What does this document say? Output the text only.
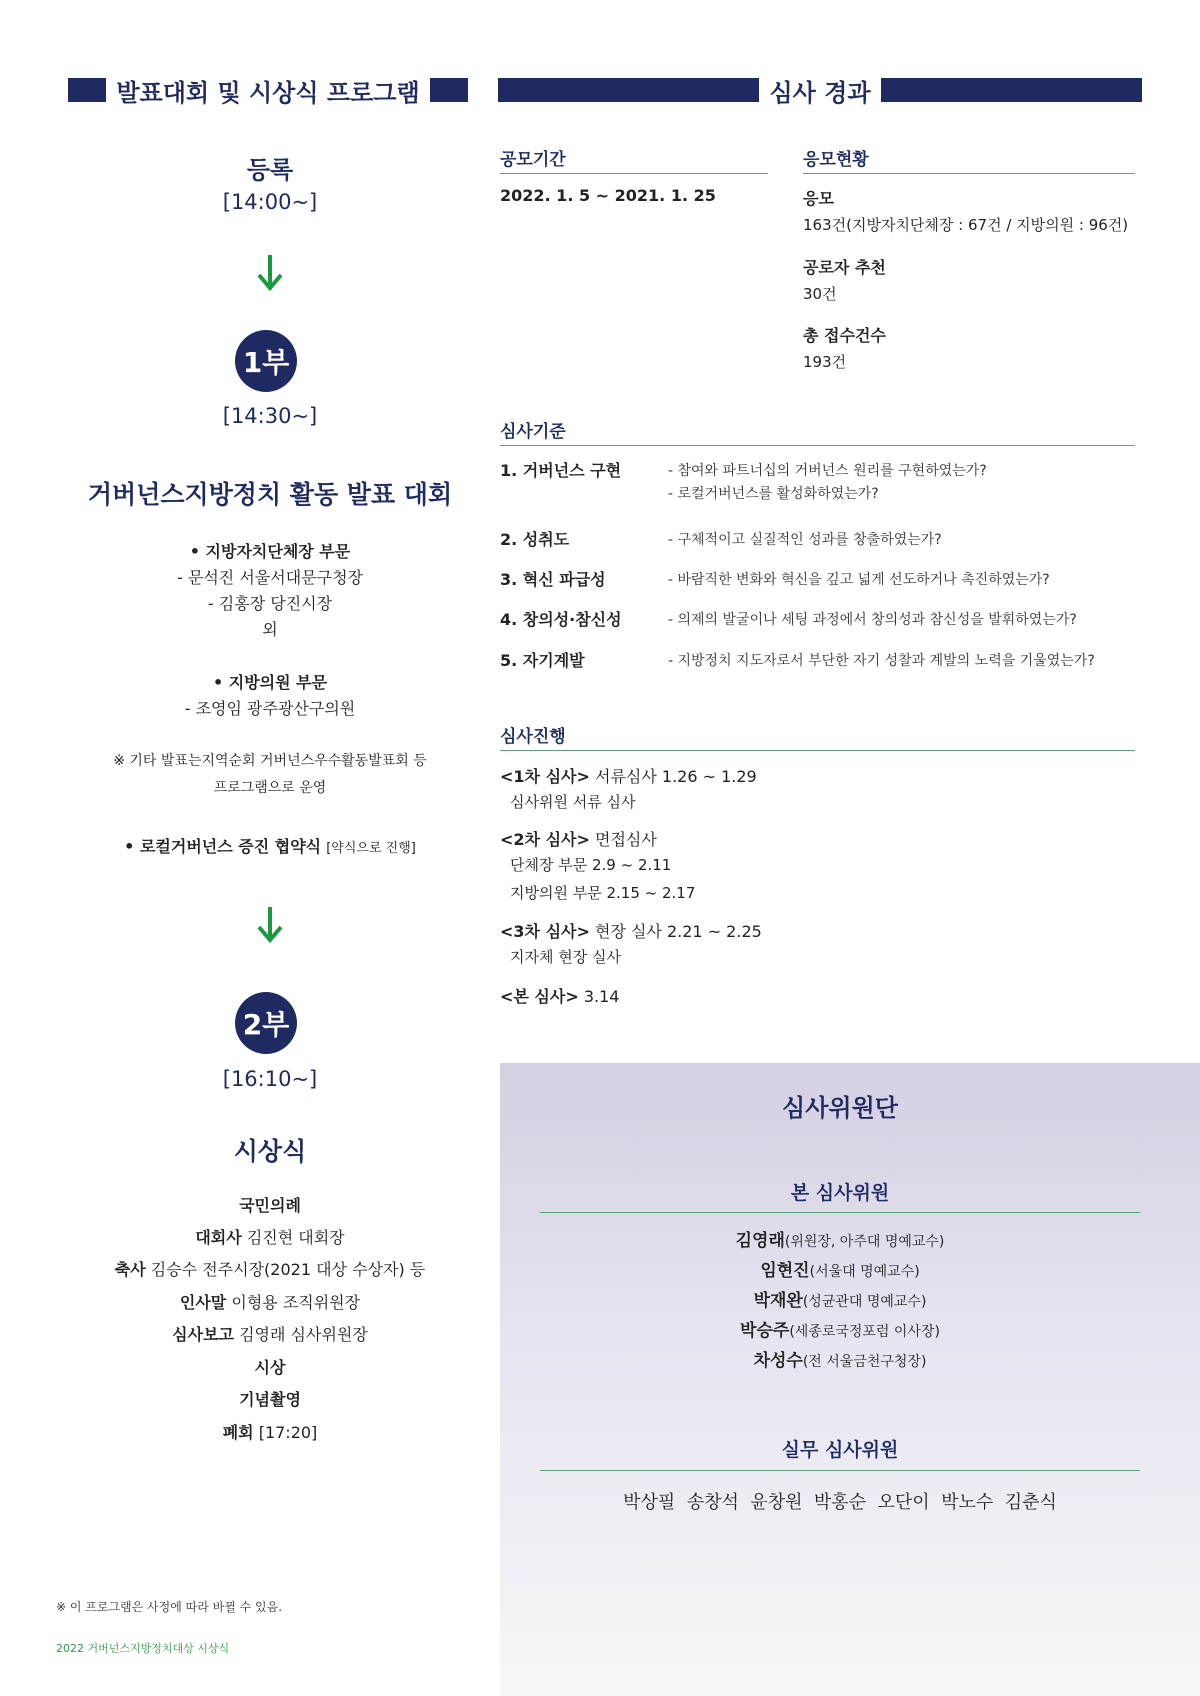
발표대회 및 시상식 프로그램	심사 경과
등록
[14:00~]
1부
[14:30~]
거버넌스지방정치 활동 발표 대회
• 지방자치단체장 부문
- 문석진 서울서대문구청장
- 김홍장 당진시장
외
• 지방의원 부문
- 조영임 광주광산구의원
※ 기타 발표는지역순회 거버넌스우수활동발표회 등
프로그램으로 운영
• 로컬거버넌스 증진 협약식 [약식으로 진행]
2부
[16:10~]
시상식
국민의례
대회사 김진현 대회장
축사 김승수 전주시장(2021 대상 수상자) 등
인사말 이형용 조직위원장
심사보고 김영래 심사위원장
시상
기념촬영
폐회 [17:20]
※ 이 프로그램은 사정에 따라 바뀔 수 있음.
2022 거버넌스지방정치대상 시상식
공모기간
2022. 1. 5 ~ 2021. 1. 25
응모현황
응모
163건(지방자치단체장 : 67건 / 지방의원 : 96건)
공로자 추천
30건
총 접수건수
193건
심사기준
1. 거버넌스 구현	- 참여와 파트너십의 거버넌스 원리를 구현하였는가?
- 로컬거버넌스를 활성화하였는가?
2. 성취도	- 구체적이고 실질적인 성과를 창출하였는가?
3. 혁신 파급성	- 바람직한 변화와 혁신을 깊고 넓게 선도하거나 촉진하였는가?
4. 창의성·참신성	- 의제의 발굴이나 세팅 과정에서 창의성과 참신성을 발휘하였는가?
5. 자기계발	- 지방정치 지도자로서 부단한 자기 성찰과 계발의 노력을 기울였는가?
심사진행
<1차 심사> 서류심사 1.26 ~ 1.29
심사위원 서류 심사
<2차 심사> 면접심사
단체장 부문 2.9 ~ 2.11
지방의원 부문 2.15 ~ 2.17
<3차 심사> 현장 실사 2.21 ~ 2.25
지자체 현장 실사
<본 심사> 3.14
심사위원단
본 심사위원
김영래(위원장, 아주대 명예교수)
임현진(서울대 명예교수)
박재완(성균관대 명예교수)
박승주(세종로국정포럼 이사장)
차성수(전 서울금천구청장)
실무 심사위원
박상필  송창석  윤창원  박홍순  오단이  박노수  김춘식
